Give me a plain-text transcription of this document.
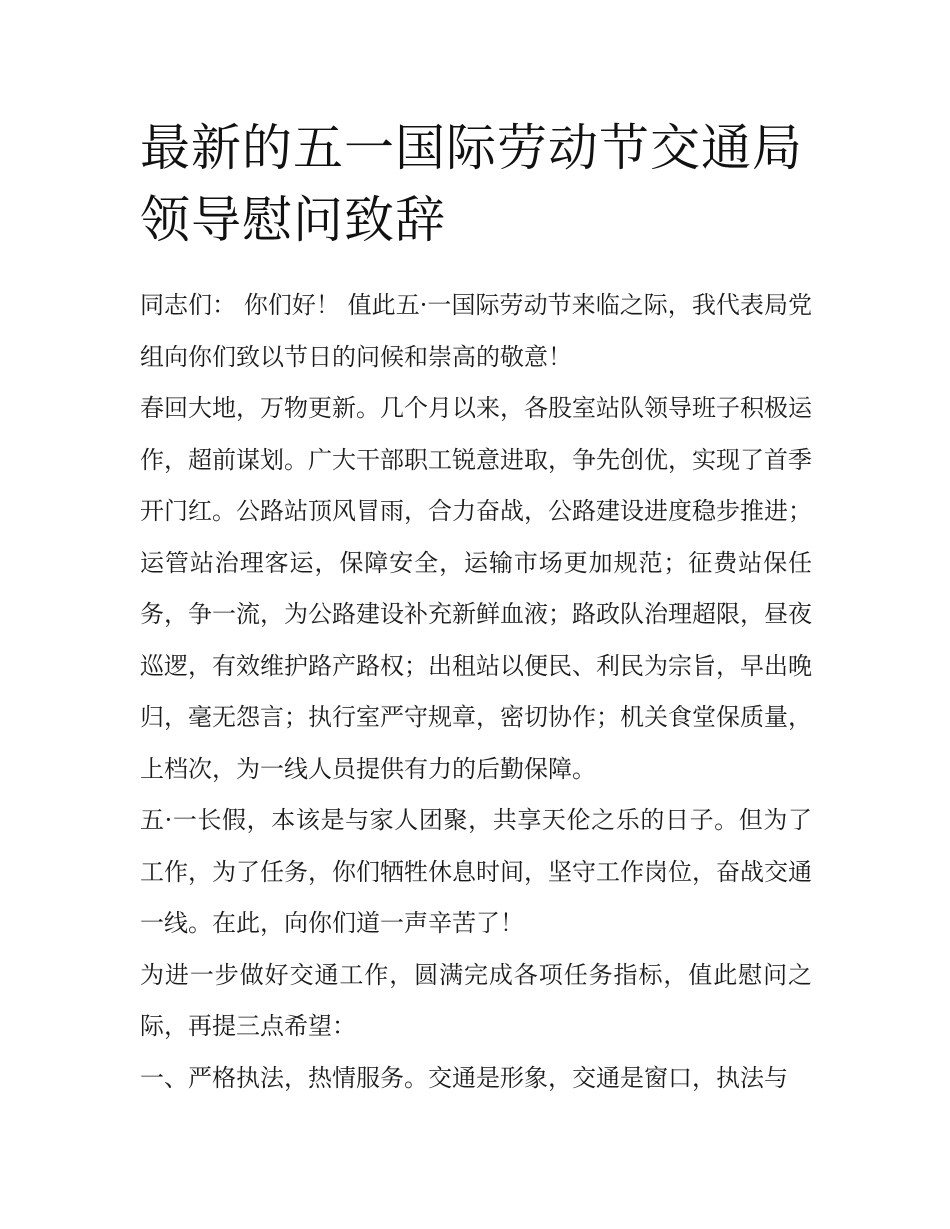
最新的五一国际劳动节交通局领导慰问致辞

同志们： 你们好！ 值此五·一国际劳动节来临之际，我代表局党组向你们致以节日的问候和崇高的敬意！

春回大地，万物更新。几个月以来，各股室站队领导班子积极运作，超前谋划。广大干部职工锐意进取，争先创优，实现了首季开门红。公路站顶风冒雨，合力奋战，公路建设进度稳步推进；运管站治理客运，保障安全，运输市场更加规范；征费站保任务，争一流，为公路建设补充新鲜血液；路政队治理超限，昼夜巡逻，有效维护路产路权；出租站以便民、利民为宗旨，早出晚归，毫无怨言；执行室严守规章，密切协作；机关食堂保质量，上档次，为一线人员提供有力的后勤保障。

五·一长假，本该是与家人团聚，共享天伦之乐的日子。但为了工作，为了任务，你们牺牲休息时间，坚守工作岗位，奋战交通一线。在此，向你们道一声辛苦了！

为进一步做好交通工作，圆满完成各项任务指标，值此慰问之际，再提三点希望：

一、严格执法，热情服务。交通是形象，交通是窗口，执法与
